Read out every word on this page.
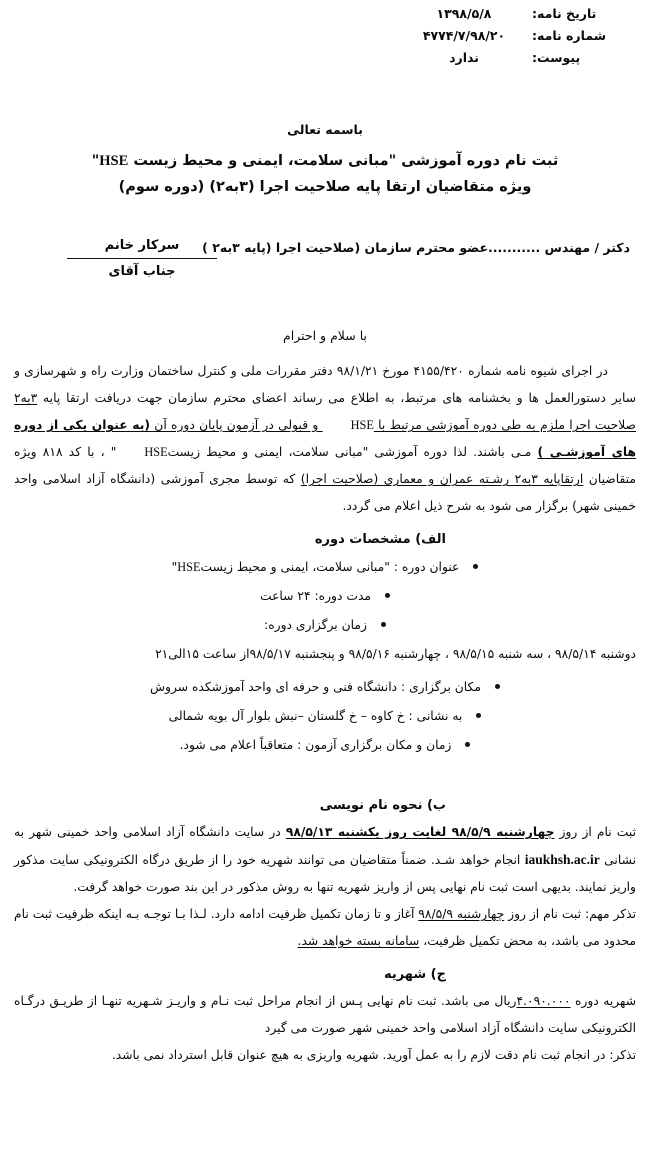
تاریخ نامه:
۱۳۹۸/۵/۸
شماره نامه:
۴۷۷۴/۷/۹۸/۲۰
پیوست:
ندارد
باسمه تعالی
ثبت نام دوره آموزشی "مبانی سلامت، ایمنی و محیط زیست HSE"
ویژه متقاضیان ارتقا پایه صلاحیت اجرا (۳به۲) (دوره سوم)
سرکار خانم
جناب آقای
دکتر / مهندس ...........عضو محترم سازمان (صلاحیت اجرا (پایه ۳به۲ )
با سلام و احترام

در اجرای شیوه نامه شماره ۴۱۵۵/۴۲۰ مورخ ۹۸/۱/۲۱ دفتر مقررات ملی و کنترل ساختمان وزارت راه و شهرسازی و سایر دستورالعمل ها و بخشنامه های مرتبط، به اطلاع می رساند اعضای محترم سازمان جهت دریافت ارتقا پایه ۳به۲ صلاحیت اجرا ملزم به طی دوره آموزشی مرتبط با HSE و قبولی در آزمون پایان دوره آن (به عنوان یكی از دوره های آموزشـی ) مـی باشند. لذا دوره آموزشی "مبانی سلامت، ایمنی و محیط زیستHSE" ، با کد ۸۱۸ ویژه متقاضیان ارتقاپایه ۳به۲ رشـته عمران و معماری (صلاحیت اجرا) که توسط مجری آموزشی (دانشگاه آزاد اسلامی واحد خمینی شهر) برگزار می شود به شرح ذیل اعلام می گردد.

الف) مشخصات دوره
عنوان دوره : "مبانی سلامت، ایمنی و محیط زیستHSE"
مدت دوره: ۲۴ ساعت
زمان برگزاری دوره:

دوشنبه ۹۸/۵/۱۴ ، سه شنبه ۹۸/۵/۱۵ ، چهارشنبه ۹۸/۵/۱۶ و پنجشنبه ۹۸/۵/۱۷از ساعت ۱۵الی۲۱

مکان برگزاری : دانشگاه فنی و حرفه ای واحد آموزشکده سروش
به نشانی : خ کاوه – خ گلستان –نبش بلوار آل بویه شمالی
زمان و مکان برگزاری آزمون : متعاقباً اعلام می شود.
ب) نحوه نام نویسی

ثبت نام از روز چهارشنبه ۹۸/۵/۹ لغایت روز یکشنبه ۹۸/۵/۱۳ در سایت دانشگاه آزاد اسلامی واحد خمینی شهر به نشانی iaukhsh.ac.ir انجام خواهد شـد. ضمناً متقاضیان می توانند شهریه خود را از طریق درگاه الکترونیکی سایت مذکور واریز نمایند. بدیهی است ثبت نام نهایی پس از واریز شهریه تنها به روش مذکور در این بند صورت خواهد گرفت.

تذکر مهم: ثبت نام از روز چهارشنبه ۹۸/۵/۹ آغاز و تا زمان تکمیل ظرفیت ادامه دارد. لـذا بـا توجـه بـه اینکه ظرفیت ثبت نام محدود می باشد، به محض تکمیل ظرفیت، سامانه بسته خواهد شد.

ج) شهریه

شهریه دوره ۴.۰۹۰.۰۰۰ریال می باشد. ثبت نام نهایی پـس از انجام مراحل ثبت نـام و واریـز شـهریه تنهـا از طریـق درگـاه الکترونیکی سایت دانشگاه آزاد اسلامی واحد خمینی شهر صورت می گیرد

تذکر: در انجام ثبت نام دقت لازم را به عمل آورید. شهریه واریزی به هیچ عنوان قابل استرداد نمی باشد.
